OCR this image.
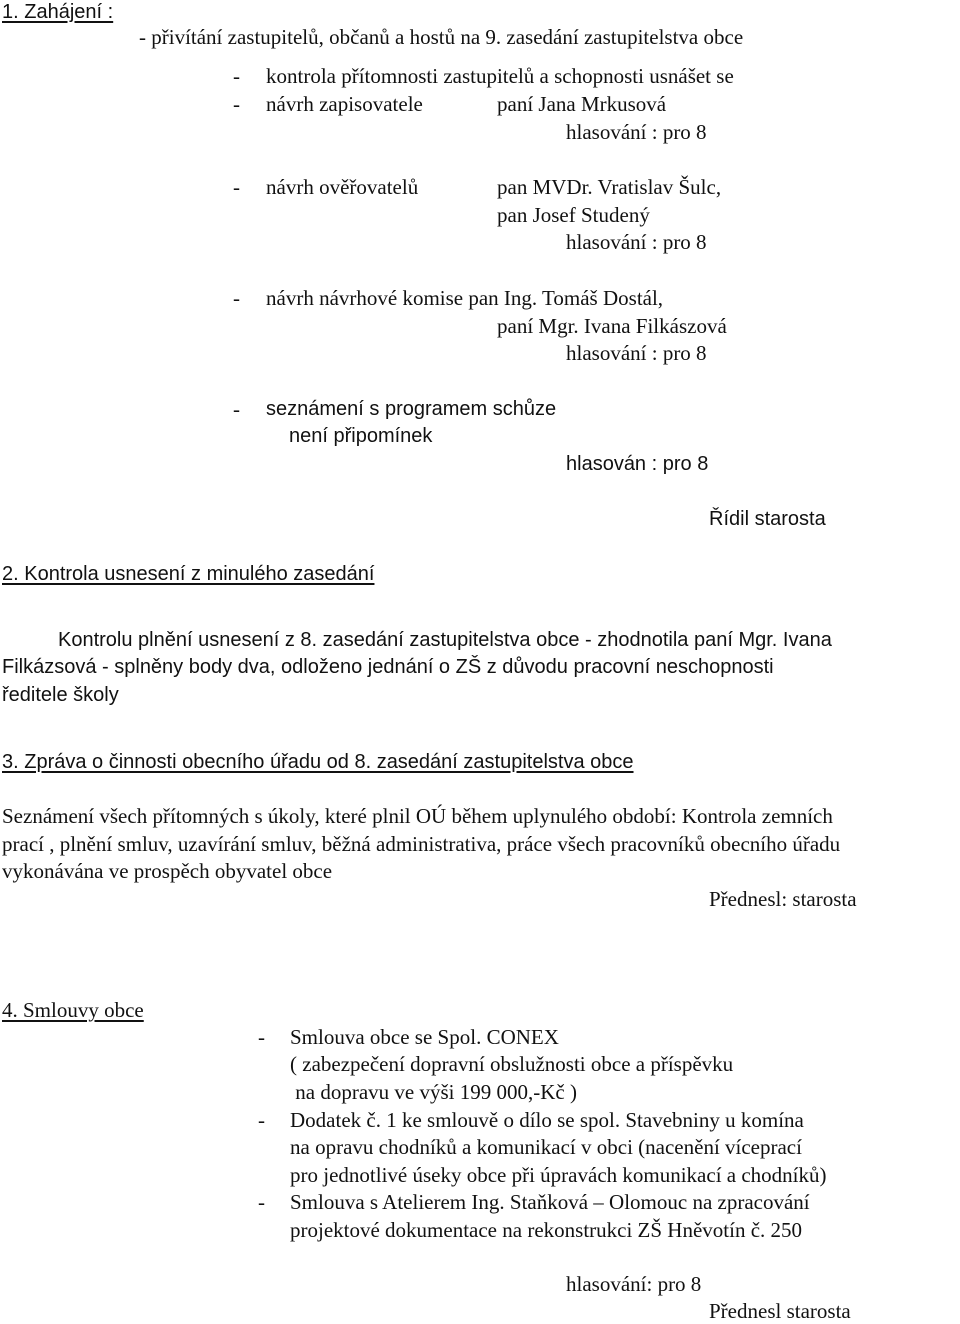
1. Zahájení :
- přivítání zastupitelů, občanů a hostů na 9. zasedání zastupitelstva obce
- kontrola přítomnosti zastupitelů a schopnosti usnášet se
- návrh zapisovatele	paní Jana Mrkusová
hlasování : pro 8
- návrh ověřovatelů	pan MVDr. Vratislav Šulc,
pan Josef Studený
hlasování : pro 8
- návrh návrhové komise pan Ing. Tomáš Dostál,
paní Mgr. Ivana Filkászová
hlasování : pro 8
- seznámení s programem schůze
není připomínek
hlasován : pro 8
Řídil starosta
2. Kontrola usnesení z minulého zasedání
Kontrolu plnění usnesení z 8. zasedání zastupitelstva obce - zhodnotila paní Mgr. Ivana
Filkázsová - splněny body dva, odloženo jednání o ZŠ z důvodu pracovní neschopnosti
ředitele školy
3. Zpráva o činnosti obecního úřadu od 8. zasedání zastupitelstva obce
Seznámení všech přítomných s úkoly, které plnil OÚ během uplynulého období: Kontrola zemních
prací , plnění smluv, uzavírání smluv, běžná administrativa, práce všech pracovníků obecního úřadu
vykonávána ve prospěch obyvatel obce
Přednesl: starosta
4. Smlouvy obce
- Smlouva obce se Spol. CONEX
( zabezpečení dopravní obslužnosti obce a příspěvku
na dopravu ve výši 199 000,-Kč )
- Dodatek č. 1 ke smlouvě o dílo se spol. Stavebniny u komína
na opravu chodníků a komunikací v obci (nacenění víceprací
pro jednotlivé úseky obce při úpravách komunikací a chodníků)
- Smlouva s Atelierem Ing. Staňková – Olomouc na zpracování
projektové dokumentace na rekonstrukci ZŠ Hněvotín č. 250
hlasování: pro 8
Přednesl starosta
